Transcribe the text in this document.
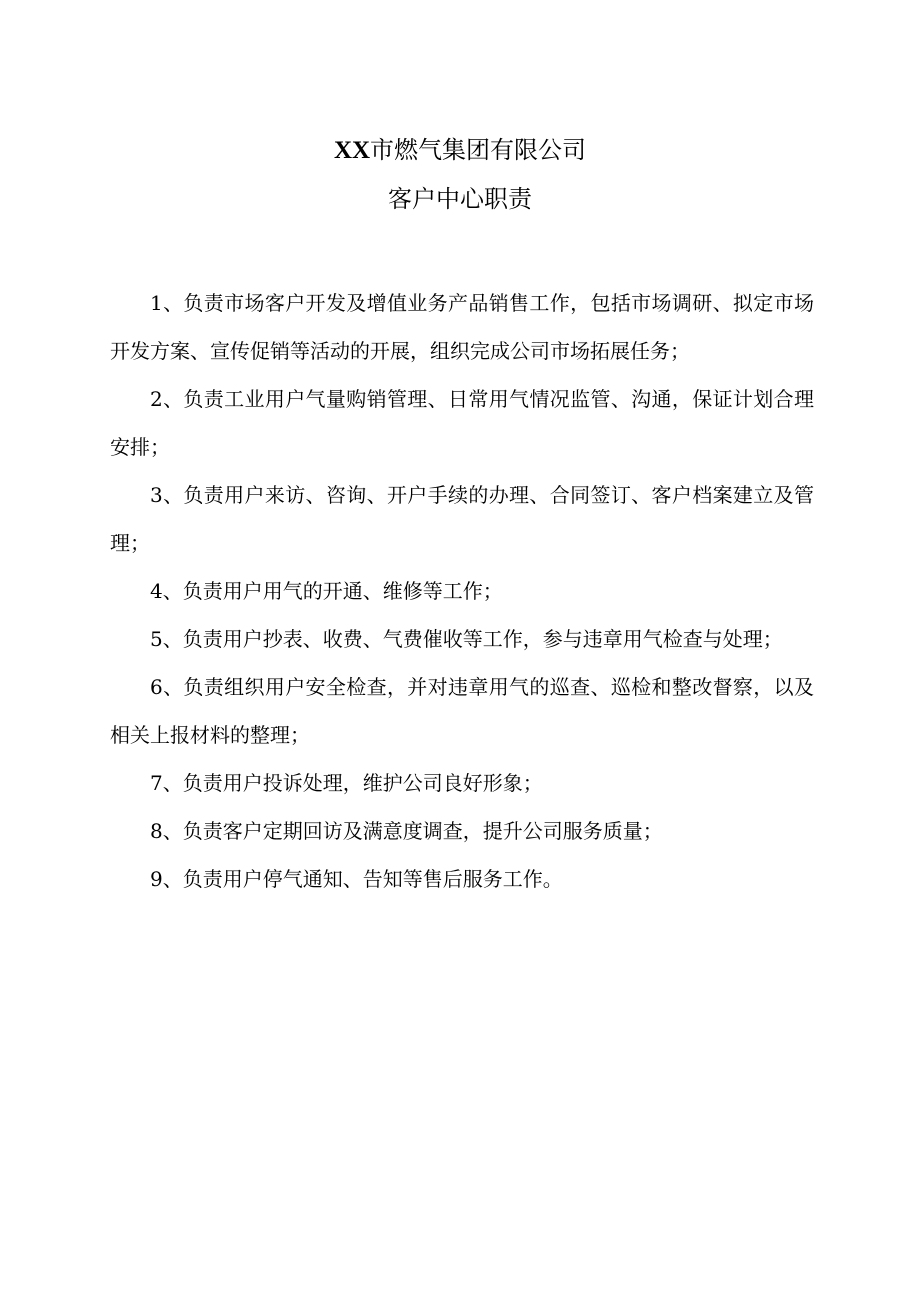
XX市燃气集团有限公司
客户中心职责

1、负责市场客户开发及增值业务产品销售工作，包括市场调研、拟定市场开发方案、宣传促销等活动的开展，组织完成公司市场拓展任务；

2、负责工业用户气量购销管理、日常用气情况监管、沟通，保证计划合理安排；

3、负责用户来访、咨询、开户手续的办理、合同签订、客户档案建立及管理；

4、负责用户用气的开通、维修等工作；

5、负责用户抄表、收费、气费催收等工作，参与违章用气检查与处理；

6、负责组织用户安全检查，并对违章用气的巡查、巡检和整改督察，以及相关上报材料的整理；

7、负责用户投诉处理，维护公司良好形象；

8、负责客户定期回访及满意度调查，提升公司服务质量；

9、负责用户停气通知、告知等售后服务工作。
